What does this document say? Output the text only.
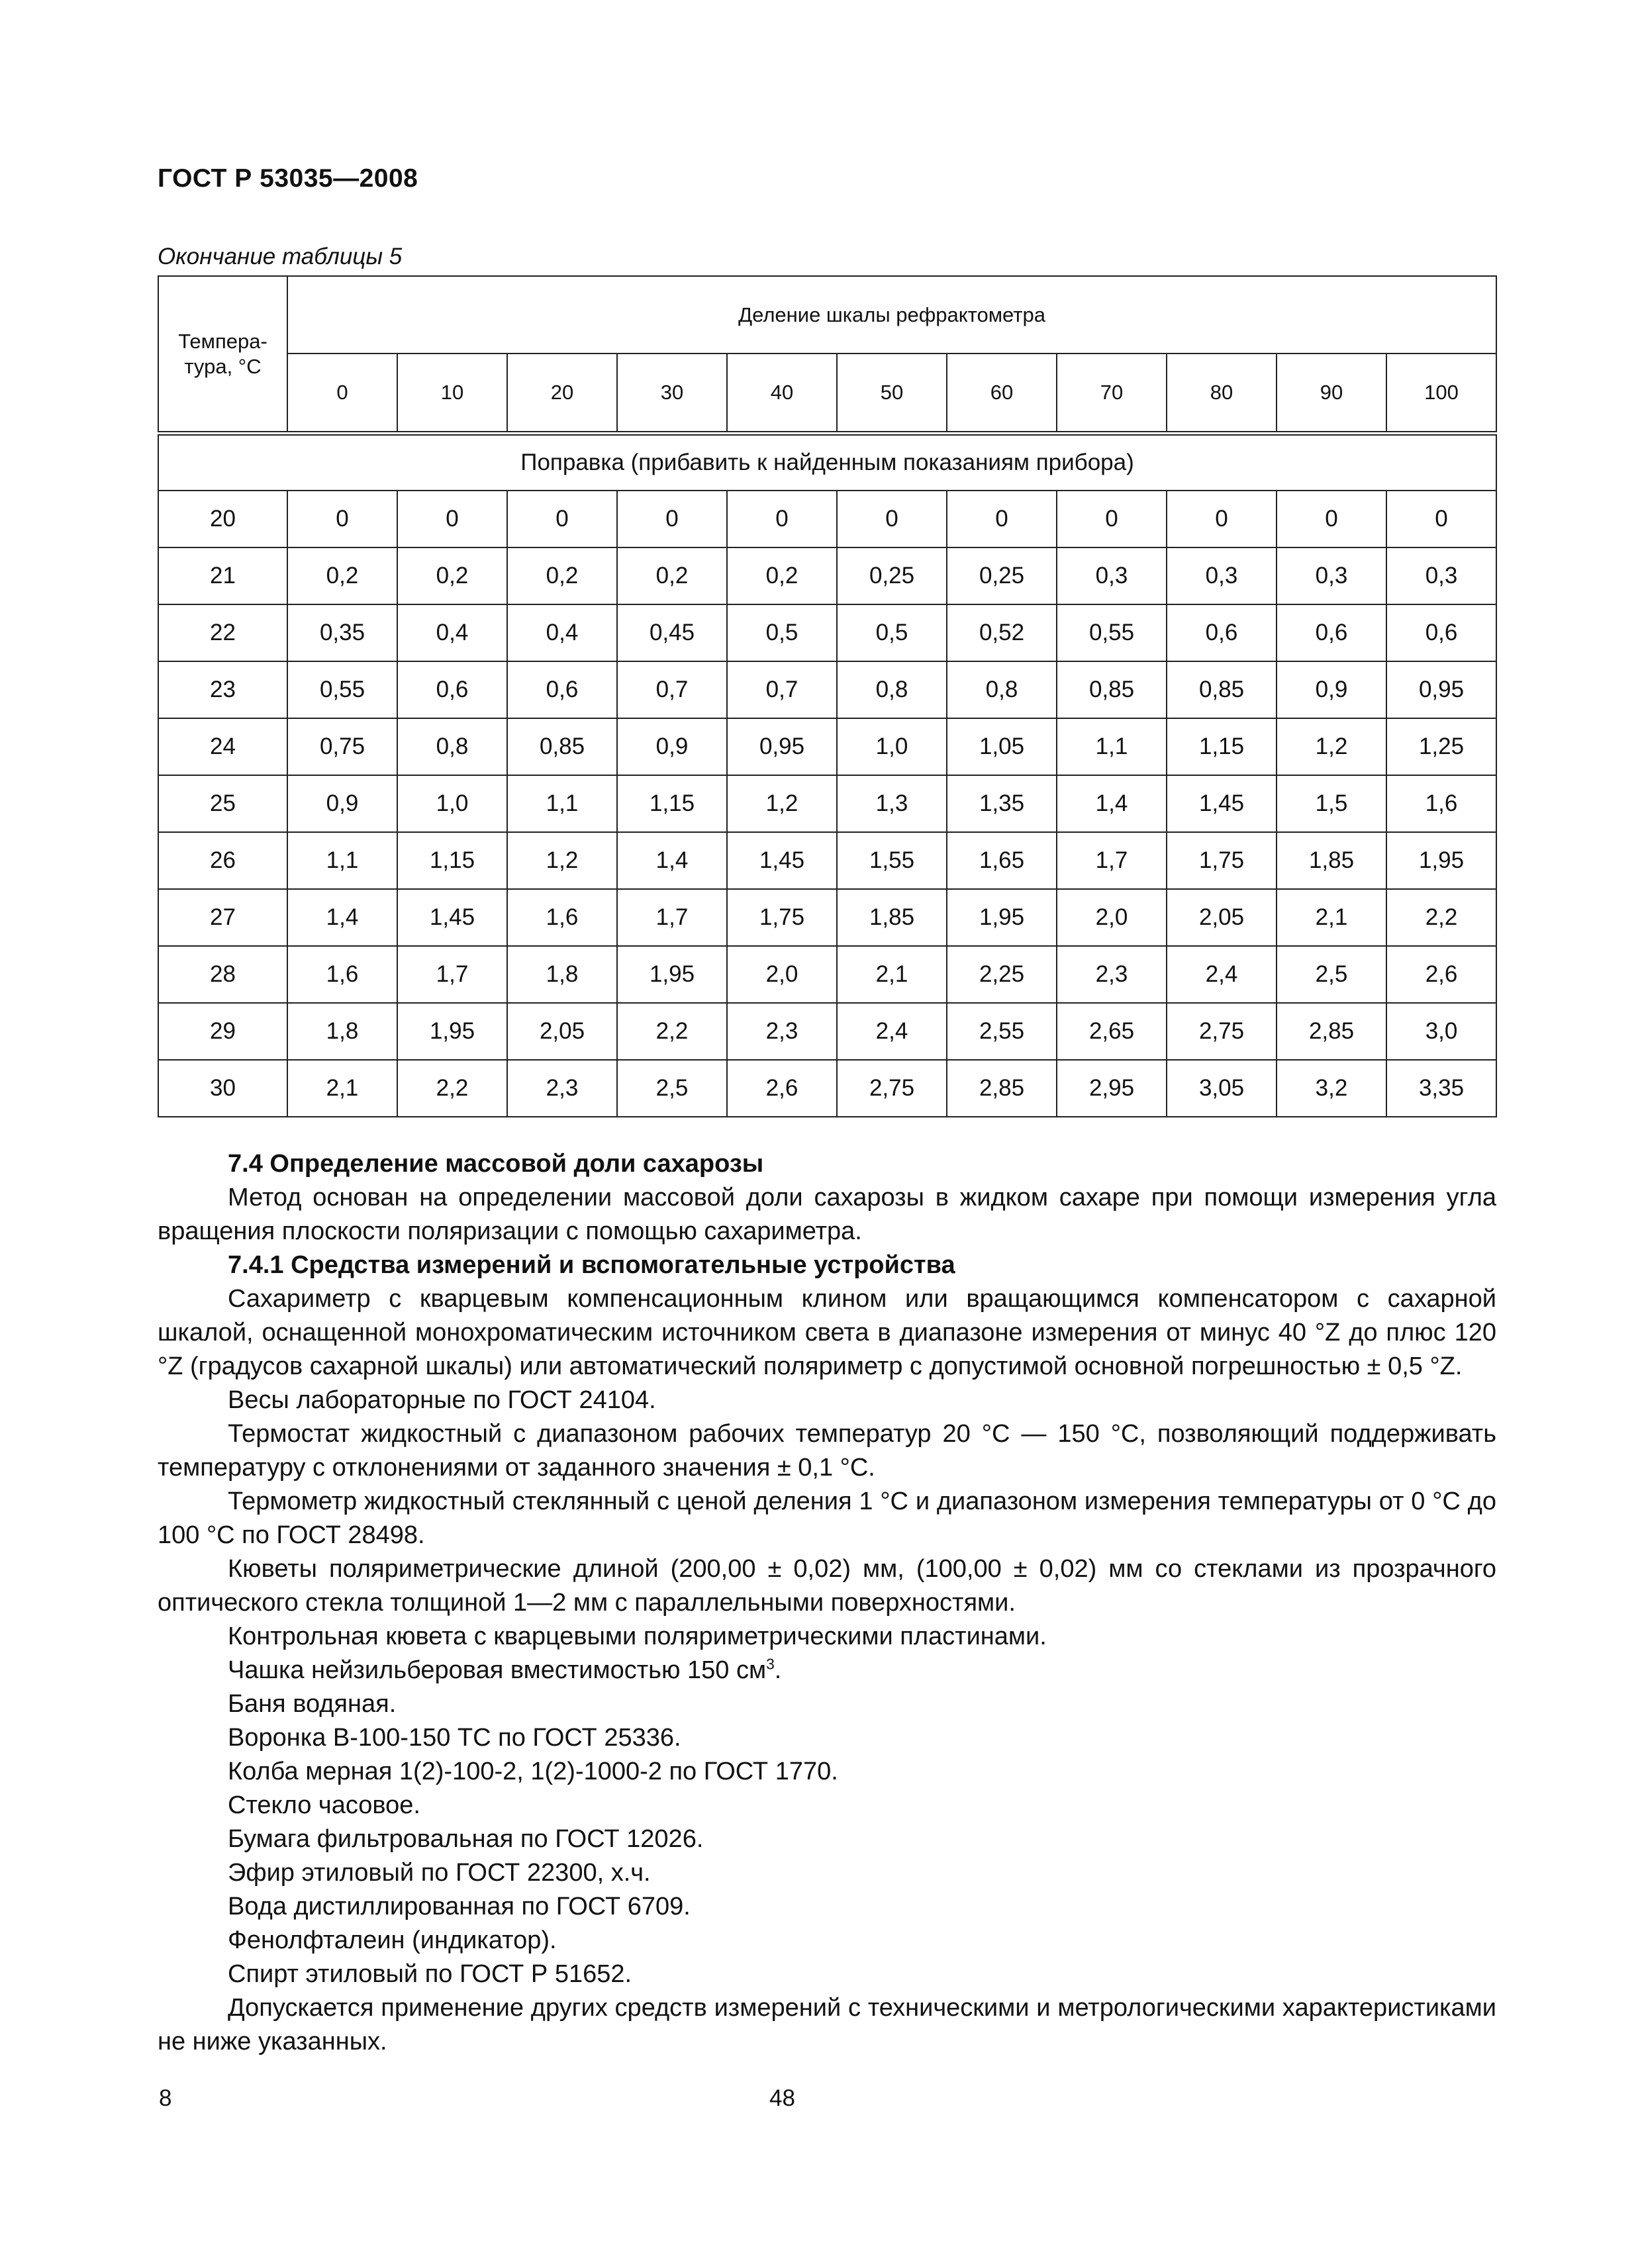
ГОСТ Р 53035—2008
Окончание таблицы 5
Темпера-
тура, °C	Деление шкалы рефрактометра										
	0	10	20	30	40	50	60	70	80	90	100

Поправка (прибавить к найденным показаниям прибора)											
20	0	0	0	0	0	0	0	0	0	0	0
21	0,2	0,2	0,2	0,2	0,2	0,25	0,25	0,3	0,3	0,3	0,3
22	0,35	0,4	0,4	0,45	0,5	0,5	0,52	0,55	0,6	0,6	0,6
23	0,55	0,6	0,6	0,7	0,7	0,8	0,8	0,85	0,85	0,9	0,95
24	0,75	0,8	0,85	0,9	0,95	1,0	1,05	1,1	1,15	1,2	1,25
25	0,9	1,0	1,1	1,15	1,2	1,3	1,35	1,4	1,45	1,5	1,6
26	1,1	1,15	1,2	1,4	1,45	1,55	1,65	1,7	1,75	1,85	1,95
27	1,4	1,45	1,6	1,7	1,75	1,85	1,95	2,0	2,05	2,1	2,2
28	1,6	1,7	1,8	1,95	2,0	2,1	2,25	2,3	2,4	2,5	2,6
29	1,8	1,95	2,05	2,2	2,3	2,4	2,55	2,65	2,75	2,85	3,0
30	2,1	2,2	2,3	2,5	2,6	2,75	2,85	2,95	3,05	3,2	3,35

7.4 Определение массовой доли сахарозы

Метод основан на определении массовой доли сахарозы в жидком сахаре при помощи измерения угла вращения плоскости поляризации с помощью сахариметра.

7.4.1 Средства измерений и вспомогательные устройства

Сахариметр с кварцевым компенсационным клином или вращающимся компенсатором с сахарной шкалой, оснащенной монохроматическим источником света в диапазоне измерения от минус 40 °Z до плюс 120 °Z (градусов сахарной шкалы) или автоматический поляриметр с допустимой основной погрешностью ± 0,5 °Z.

Весы лабораторные по ГОСТ 24104.

Термостат жидкостный с диапазоном рабочих температур 20 °C — 150 °C, позволяющий поддерживать температуру с отклонениями от заданного значения ± 0,1 °C.

Термометр жидкостный стеклянный с ценой деления 1 °C и диапазоном измерения температуры от 0 °C до 100 °C по ГОСТ 28498.

Кюветы поляриметрические длиной (200,00 ± 0,02) мм, (100,00 ± 0,02) мм со стеклами из прозрачного оптического стекла толщиной 1—2 мм с параллельными поверхностями.

Контрольная кювета с кварцевыми поляриметрическими пластинами.

Чашка нейзильберовая вместимостью 150 $см^3$.

Баня водяная.

Воронка В-100-150 ТС по ГОСТ 25336.

Колба мерная 1(2)-100-2, 1(2)-1000-2 по ГОСТ 1770.

Стекло часовое.

Бумага фильтровальная по ГОСТ 12026.

Эфир этиловый по ГОСТ 22300, х.ч.

Вода дистиллированная по ГОСТ 6709.

Фенолфталеин (индикатор).

Спирт этиловый по ГОСТ Р 51652.

Допускается применение других средств измерений с техническими и метрологическими характеристиками не ниже указанных.

8	48
